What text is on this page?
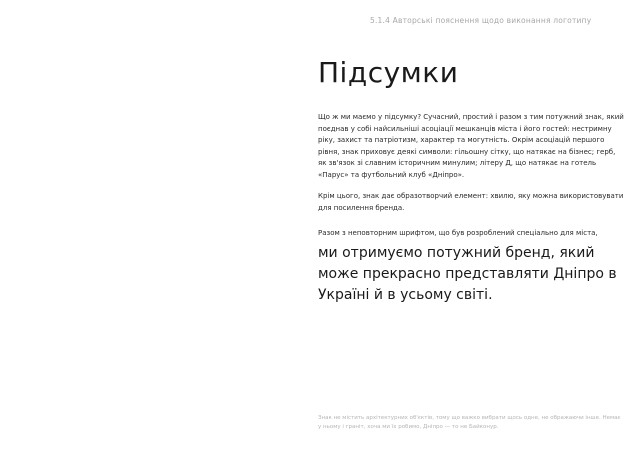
5.1.4 Авторські пояснення щодо виконання логотипу
Підсумки

Що ж ми маємо у підсумку? Сучасний, простий і разом з тим потужний знак, який поєднав у собі найсильніші асоціації мешканців міста і його гостей: нестримну ріку, захист та патріотизм, характер та могутність. Окрім асоціацій першого рівня, знак приховує деякі символи: гільошну сітку, що натякає на бізнес; герб, як зв'язок зі славним історичним минулим; літеру Д, що натякає на готель «Парус» та футбольний клуб «Дніпро».

Крім цього, знак дає образотворчий елемент: хвилю, яку можна використовувати для посилення бренда.

Разом з неповторним шрифтом, що був розроблений спеціально для міста,

ми отримуємо потужний бренд, який може прекрасно представляти Дніпро в Україні й в усьому світі.

Знак не містить архітектурних об'єктів, тому що важко вибрати щось одне, не ображаючи інше. Немає у ньому і граніт, хоча ми їх робимо, Дніпро — то не Байконур.
